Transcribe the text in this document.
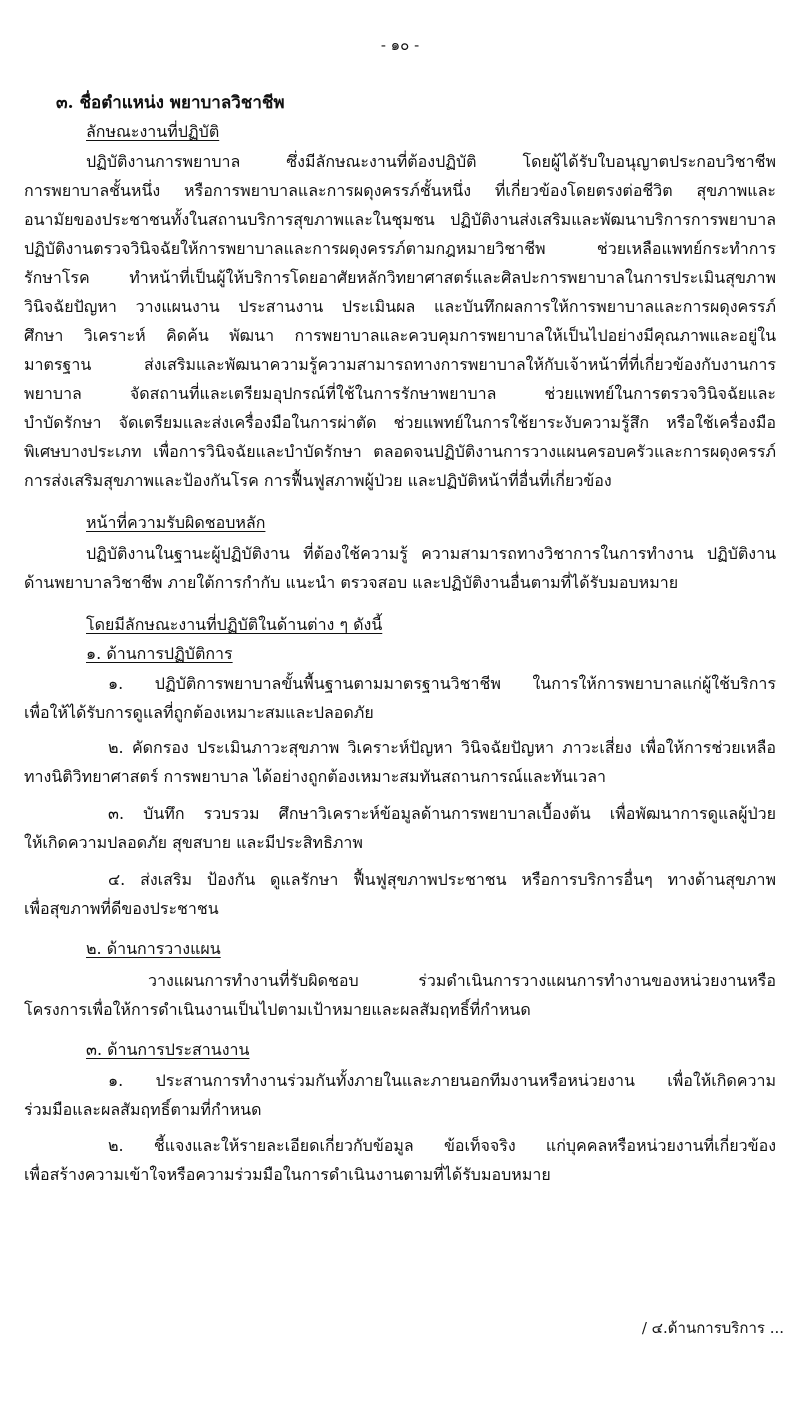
- ๑๐ -
๓. ชื่อตำแหน่ง พยาบาลวิชาชีพ
ลักษณะงานที่ปฏิบัติ
ปฏิบัติงานการพยาบาล ซึ่งมีลักษณะงานที่ต้องปฏิบัติ โดยผู้ได้รับใบอนุญาตประกอบวิชาชีพ
การพยาบาลชั้นหนึ่ง หรือการพยาบาลและการผดุงครรภ์ชั้นหนึ่ง ที่เกี่ยวข้องโดยตรงต่อชีวิต สุขภาพและ
อนามัยของประชาชนทั้งในสถานบริการสุขภาพและในชุมชน ปฏิบัติงานส่งเสริมและพัฒนาบริการการพยาบาล
ปฏิบัติงานตรวจวินิจฉัยให้การพยาบาลและการผดุงครรภ์ตามกฎหมายวิชาชีพ ช่วยเหลือแพทย์กระทำการ
รักษาโรค ทำหน้าที่เป็นผู้ให้บริการโดยอาศัยหลักวิทยาศาสตร์และศิลปะการพยาบาลในการประเมินสุขภาพ
วินิจฉัยปัญหา วางแผนงาน ประสานงาน ประเมินผล และบันทึกผลการให้การพยาบาลและการผดุงครรภ์
ศึกษา วิเคราะห์ คิดค้น พัฒนา การพยาบาลและควบคุมการพยาบาลให้เป็นไปอย่างมีคุณภาพและอยู่ใน
มาตรฐาน ส่งเสริมและพัฒนาความรู้ความสามารถทางการพยาบาลให้กับเจ้าหน้าที่ที่เกี่ยวข้องกับงานการ
พยาบาล จัดสถานที่และเตรียมอุปกรณ์ที่ใช้ในการรักษาพยาบาล ช่วยแพทย์ในการตรวจวินิจฉัยและ
บำบัดรักษา จัดเตรียมและส่งเครื่องมือในการผ่าตัด ช่วยแพทย์ในการใช้ยาระงับความรู้สึก หรือใช้เครื่องมือ
พิเศษบางประเภท เพื่อการวินิจฉัยและบำบัดรักษา ตลอดจนปฏิบัติงานการวางแผนครอบครัวและการผดุงครรภ์
การส่งเสริมสุขภาพและป้องกันโรค การฟื้นฟูสภาพผู้ป่วย และปฏิบัติหน้าที่อื่นที่เกี่ยวข้อง
หน้าที่ความรับผิดชอบหลัก
ปฏิบัติงานในฐานะผู้ปฏิบัติงาน ที่ต้องใช้ความรู้ ความสามารถทางวิชาการในการทำงาน ปฏิบัติงาน
ด้านพยาบาลวิชาชีพ ภายใต้การกำกับ แนะนำ ตรวจสอบ และปฏิบัติงานอื่นตามที่ได้รับมอบหมาย
โดยมีลักษณะงานที่ปฏิบัติในด้านต่าง ๆ ดังนี้
๑. ด้านการปฏิบัติการ
๑. ปฏิบัติการพยาบาลขั้นพื้นฐานตามมาตรฐานวิชาชีพ ในการให้การพยาบาลแก่ผู้ใช้บริการ
เพื่อให้ได้รับการดูแลที่ถูกต้องเหมาะสมและปลอดภัย
๒. คัดกรอง ประเมินภาวะสุขภาพ วิเคราะห์ปัญหา วินิจฉัยปัญหา ภาวะเสี่ยง เพื่อให้การช่วยเหลือ
ทางนิติวิทยาศาสตร์ การพยาบาล ได้อย่างถูกต้องเหมาะสมทันสถานการณ์และทันเวลา
๓. บันทึก รวบรวม ศึกษาวิเคราะห์ข้อมูลด้านการพยาบาลเบื้องต้น เพื่อพัฒนาการดูแลผู้ป่วย
ให้เกิดความปลอดภัย สุขสบาย และมีประสิทธิภาพ
๔. ส่งเสริม ป้องกัน ดูแลรักษา ฟื้นฟูสุขภาพประชาชน หรือการบริการอื่นๆ ทางด้านสุขภาพ
เพื่อสุขภาพที่ดีของประชาชน
๒. ด้านการวางแผน
วางแผนการทำงานที่รับผิดชอบ ร่วมดำเนินการวางแผนการทำงานของหน่วยงานหรือ
โครงการเพื่อให้การดำเนินงานเป็นไปตามเป้าหมายและผลสัมฤทธิ์ที่กำหนด
๓. ด้านการประสานงาน
๑. ประสานการทำงานร่วมกันทั้งภายในและภายนอกทีมงานหรือหน่วยงาน เพื่อให้เกิดความ
ร่วมมือและผลสัมฤทธิ์ตามที่กำหนด
๒. ชี้แจงและให้รายละเอียดเกี่ยวกับข้อมูล ข้อเท็จจริง แก่บุคคลหรือหน่วยงานที่เกี่ยวข้อง
เพื่อสร้างความเข้าใจหรือความร่วมมือในการดำเนินงานตามที่ได้รับมอบหมาย
/ ๔.ด้านการบริการ ...
